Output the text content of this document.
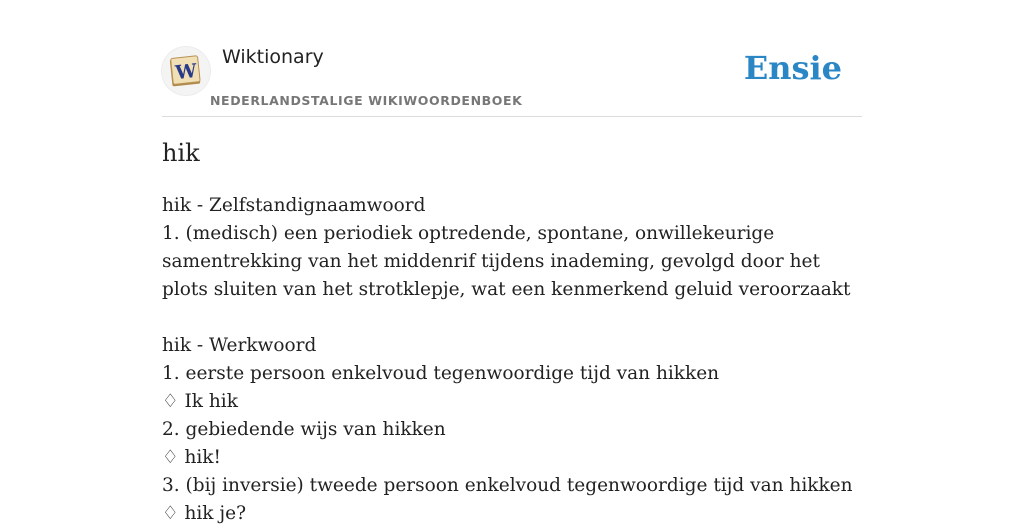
W
Wiktionary
NEDERLANDSTALIGE WIKIWOORDENBOEK
Ensie
hik
hik - Zelfstandignaamwoord
1. (medisch) een periodiek optredende, spontane, onwillekeurige samentrekking van het middenrif tijdens inademing, gevolgd door het plots sluiten van het strotklepje, wat een kenmerkend geluid veroorzaakt
hik - Werkwoord
1. eerste persoon enkelvoud tegenwoordige tijd van hikken
♢ Ik hik
2. gebiedende wijs van hikken
♢ hik!
3. (bij inversie) tweede persoon enkelvoud tegenwoordige tijd van hikken
♢ hik je?
